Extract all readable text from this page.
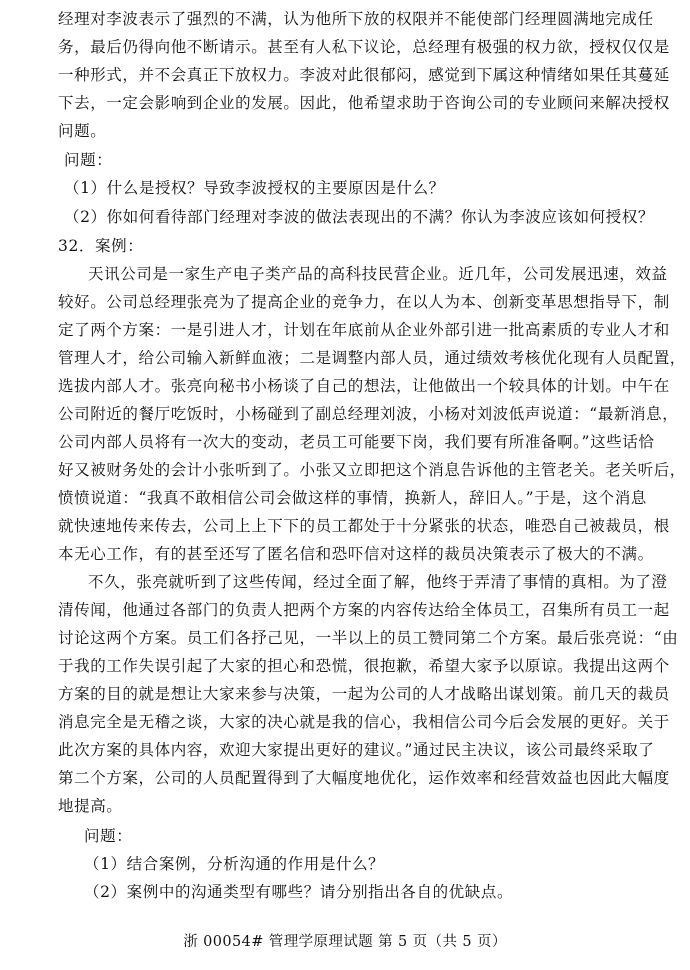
经理对李波表示了强烈的不满，认为他所下放的权限并不能使部门经理圆满地完成任
务，最后仍得向他不断请示。甚至有人私下议论，总经理有极强的权力欲，授权仅仅是
一种形式，并不会真正下放权力。李波对此很郁闷，感觉到下属这种情绪如果任其蔓延
下去，一定会影响到企业的发展。因此，他希望求助于咨询公司的专业顾问来解决授权
问题。
问题：
（1）什么是授权？导致李波授权的主要原因是什么？
（2）你如何看待部门经理对李波的做法表现出的不满？你认为李波应该如何授权？
32．案例：
天讯公司是一家生产电子类产品的高科技民营企业。近几年，公司发展迅速，效益
较好。公司总经理张亮为了提高企业的竞争力，在以人为本、创新变革思想指导下，制
定了两个方案：一是引进人才，计划在年底前从企业外部引进一批高素质的专业人才和
管理人才，给公司输入新鲜血液；二是调整内部人员，通过绩效考核优化现有人员配置，
选拔内部人才。张亮向秘书小杨谈了自己的想法，让他做出一个较具体的计划。中午在
公司附近的餐厅吃饭时，小杨碰到了副总经理刘波，小杨对刘波低声说道：“最新消息，
公司内部人员将有一次大的变动，老员工可能要下岗，我们要有所准备啊。”这些话恰
好又被财务处的会计小张听到了。小张又立即把这个消息告诉他的主管老关。老关听后，
愤愤说道：“我真不敢相信公司会做这样的事情，换新人，辞旧人。”于是，这个消息
就快速地传来传去，公司上上下下的员工都处于十分紧张的状态，唯恐自己被裁员，根
本无心工作，有的甚至还写了匿名信和恐吓信对这样的裁员决策表示了极大的不满。
不久，张亮就听到了这些传闻，经过全面了解，他终于弄清了事情的真相。为了澄
清传闻，他通过各部门的负责人把两个方案的内容传达给全体员工，召集所有员工一起
讨论这两个方案。员工们各抒己见，一半以上的员工赞同第二个方案。最后张亮说：“由
于我的工作失误引起了大家的担心和恐慌，很抱歉，希望大家予以原谅。我提出这两个
方案的目的就是想让大家来参与决策，一起为公司的人才战略出谋划策。前几天的裁员
消息完全是无稽之谈，大家的决心就是我的信心，我相信公司今后会发展的更好。关于
此次方案的具体内容，欢迎大家提出更好的建议。”通过民主决议，该公司最终采取了
第二个方案，公司的人员配置得到了大幅度地优化，运作效率和经营效益也因此大幅度
地提高。
问题：
（1）结合案例，分析沟通的作用是什么？
（2）案例中的沟通类型有哪些？请分别指出各自的优缺点。
浙 00054# 管理学原理试题 第 5 页（共 5 页）
